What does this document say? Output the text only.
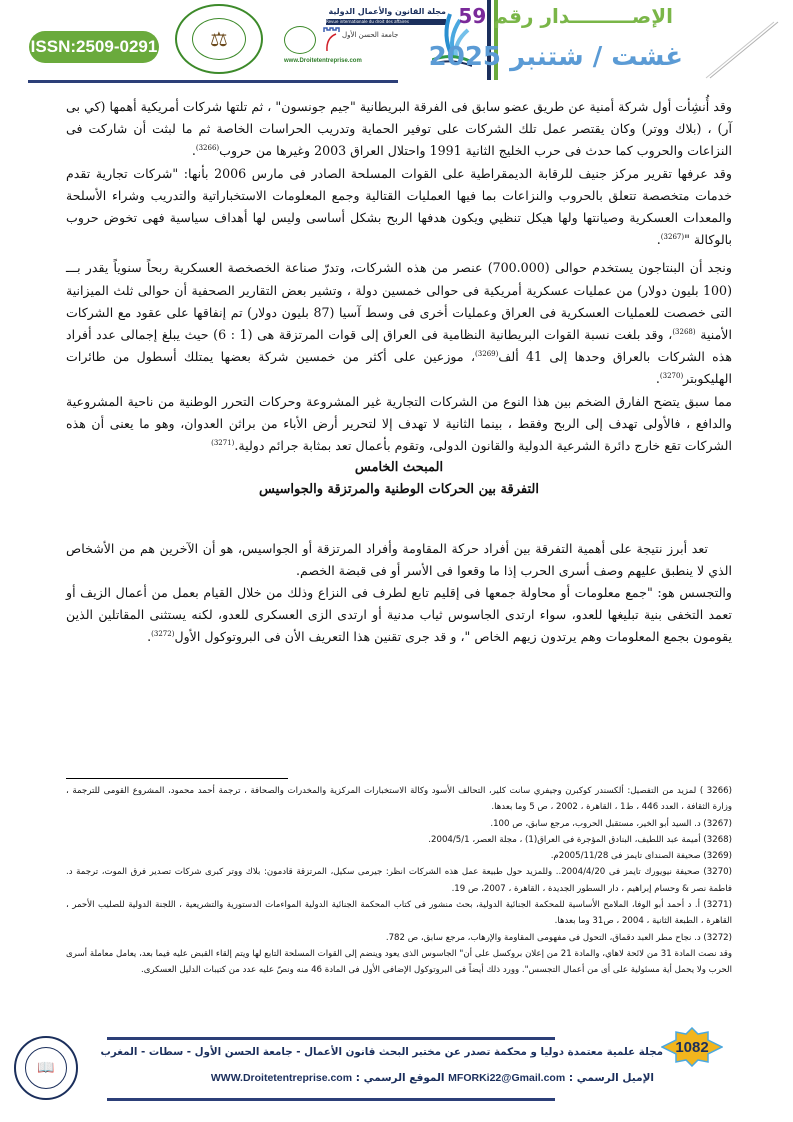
ISSN:2509-0291	⚖
مجلة القانون والأعمال الدولية
Revue internationale du droit des affaires
جامعة الحسن الأول
www.Droitetentreprise.com
الإصـــــــــدار رقم 59
غشت / شتنبر 2025

وقد أُنشِأت أول شركة أمنية عن طريق عضو سابق فى الفرقة البريطانية "جيم جونسون" ، ثم تلتها شركات أمريكية أهمها (كي بى آر) ، (بلاك ووتر) وكان يقتصر عمل تلك الشركات على توفير الحماية وتدريب الحراسات الخاصة ثم ما لبثت أن شاركت فى النزاعات والحروب كما حدث فى حرب الخليج الثانية 1991 واحتلال العراق 2003 وغيرها من حروب$^{(3266)}$.

وقد عرفها تقرير مركز جنيف للرقابة الديمقراطية على القوات المسلحة الصادر فى مارس 2006 بأنها: "شركات تجارية تقدم خدمات متخصصة تتعلق بالحروب والنزاعات بما فيها العمليات القتالية وجمع المعلومات الاستخباراتية والتدريب وشراء الأسلحة والمعدات العسكرية وصيانتها ولها هيكل تنظيي ويكون هدفها الربح بشكل أساسى وليس لها أهداف سياسية فهى تخوض حروب بالوكالة "$^{(3267)}$.

ونجد أن البنتاجون يستخدم حوالى (700.000) عنصر من هذه الشركات، وتدرّ صناعة الخصخصة العسكرية ربحاً سنوياً يقدر بـــ (100 بليون دولار) من عمليات عسكرية أمريكية فى حوالى خمسين دولة ، وتشير بعض التقارير الصحفية أن حوالى ثلث الميزانية التى خصصت للعمليات العسكرية فى العراق وعمليات أخرى فى وسط آسيا (87 بليون دولار) تم إنفاقها على عقود مع الشركات الأمنية $^{(3268)}$، وقد بلغت نسبة القوات البريطانية النظامية فى العراق إلى قوات المرتزقة هى (1 : 6) حيث يبلغ إجمالى عدد أفراد هذه الشركات بالعراق وحدها إلى 41 ألف$^{(3269)}$، موزعين على أكثر من خمسين شركة بعضها يمتلك أسطول من طائرات الهليكوبتر$^{(3270)}$.

مما سبق يتضح الفارق الضخم بين هذا النوع من الشركات التجارية غير المشروعة وحركات التحرر الوطنية من ناحية المشروعية والدافع ، فالأولى تهدف إلى الربح وفقط ، بينما الثانية لا تهدف إلا لتحرير أرض الأباء من براثن العدوان، وهو ما يعنى أن هذه الشركات تقع خارج دائرة الشرعية الدولية والقانون الدولى، وتقوم بأعمال تعد بمثابة جرائم دولية.$^{(3271)}$

المبحث الخامس

التفرقة بين الحركات الوطنية والمرتزقة والجواسيس

تعد أبرز نتيجة على أهمية التفرقة بين أفراد حركة المقاومة وأفراد المرتزقة أو الجواسيس، هو أن الآخرين هم من الأشخاص الذي لا ينطبق عليهم وصف أسرى الحرب إذا ما وقعوا فى الأسر أو فى قبضة الخصم.

والتجسس هو: "جمع معلومات أو محاولة جمعها فى إقليم تابع لطرف فى النزاع وذلك من خلال القيام بعمل من أعمال الزيف أو تعمد التخفى بنية تبليغها للعدو، سواء ارتدى الجاسوس ثياب مدنية أو ارتدى الزى العسكرى للعدو، لكنه يستثنى المقاتلين الذين يقومون بجمع المعلومات وهم يرتدون زيهم الخاص "، و قد جرى تقنين هذا التعريف الأن فى البروتوكول الأول$^{(3272)}$.

(3266 ) لمزيد من التفصيل: ألكسندر كوكبرن وجيفري سانت كلير، التحالف الأسود وكالة الاستخبارات المركزية والمخدرات والصحافة ، ترجمة أحمد محمود، المشروع القومى للترجمة ، وزارة الثقافة ، العدد 446 ، ط1 ، القاهرة ، 2002 ، ص 5 وما بعدها.

(3267) د. السيد أبو الخير، مستقبل الحروب، مرجع سابق، ص 100.

(3268) أميمة عبد اللطيف، البنادق المؤجرة فى العراق(1) ، مجلة العصر، 2004/5/1.

(3269) صحيفة الصنداى تايمز فى 2005/11/28م.

(3270) صحيفة نيويورك تايمز فى 2004/4/20.. وللمزيد حول طبيعة عمل هذه الشركات انظر: جيرمى سكيل، المرتزقة قادمون: بلاك ووتر كبرى شركات تصدير فرق الموت، ترجمة د. فاطمة نصر & وحسام إبراهيم ، دار السطور الجديدة ، القاهرة ، 2007، ص 19.

(3271) أ. د أحمد أبو الوفا، الملامح الأساسية للمحكمة الجنائية الدولية، بحث منشور فى كتاب المحكمة الجنائية الدولية المواءمات الدستورية والتشريعية ، اللجنة الدولية للصليب الأحمر ، القاهرة ، الطبعة الثانية ، 2004 ، ص31 وما بعدها.

(3272) د. نجاح مطر العبد دقماق، التحول فى مفهومى المقاومة والإرهاب، مرجع سابق، ص 782.

وقد نصت المادة 31 من لائحة لاهاي، والمادة 21 من إعلان بروكسل على أن" الجاسوس الذى يعود وينضم إلى القوات المسلحة التابع لها ويتم إلقاء القبض عليه فيما بعد، يعامل معاملة أسرى الحرب ولا يحمل أية مسئولية على أى من أعمال التجسس". وورد ذلك أيضاً فى البروتوكول الإضافى الأول فى المادة 46 منه ونصّ عليه عدد من كتيبات الدليل العسكرى.

1082
مجلة علمية معتمدة دوليا و محكمة تصدر عن مختبر البحث قانون الأعمال - جامعة الحسن الأول - سطات - المغرب
الإميل الرسمي : MFORKi22@Gmail.com الموقع الرسمي : WWW.Droitetentreprise.com
📖
